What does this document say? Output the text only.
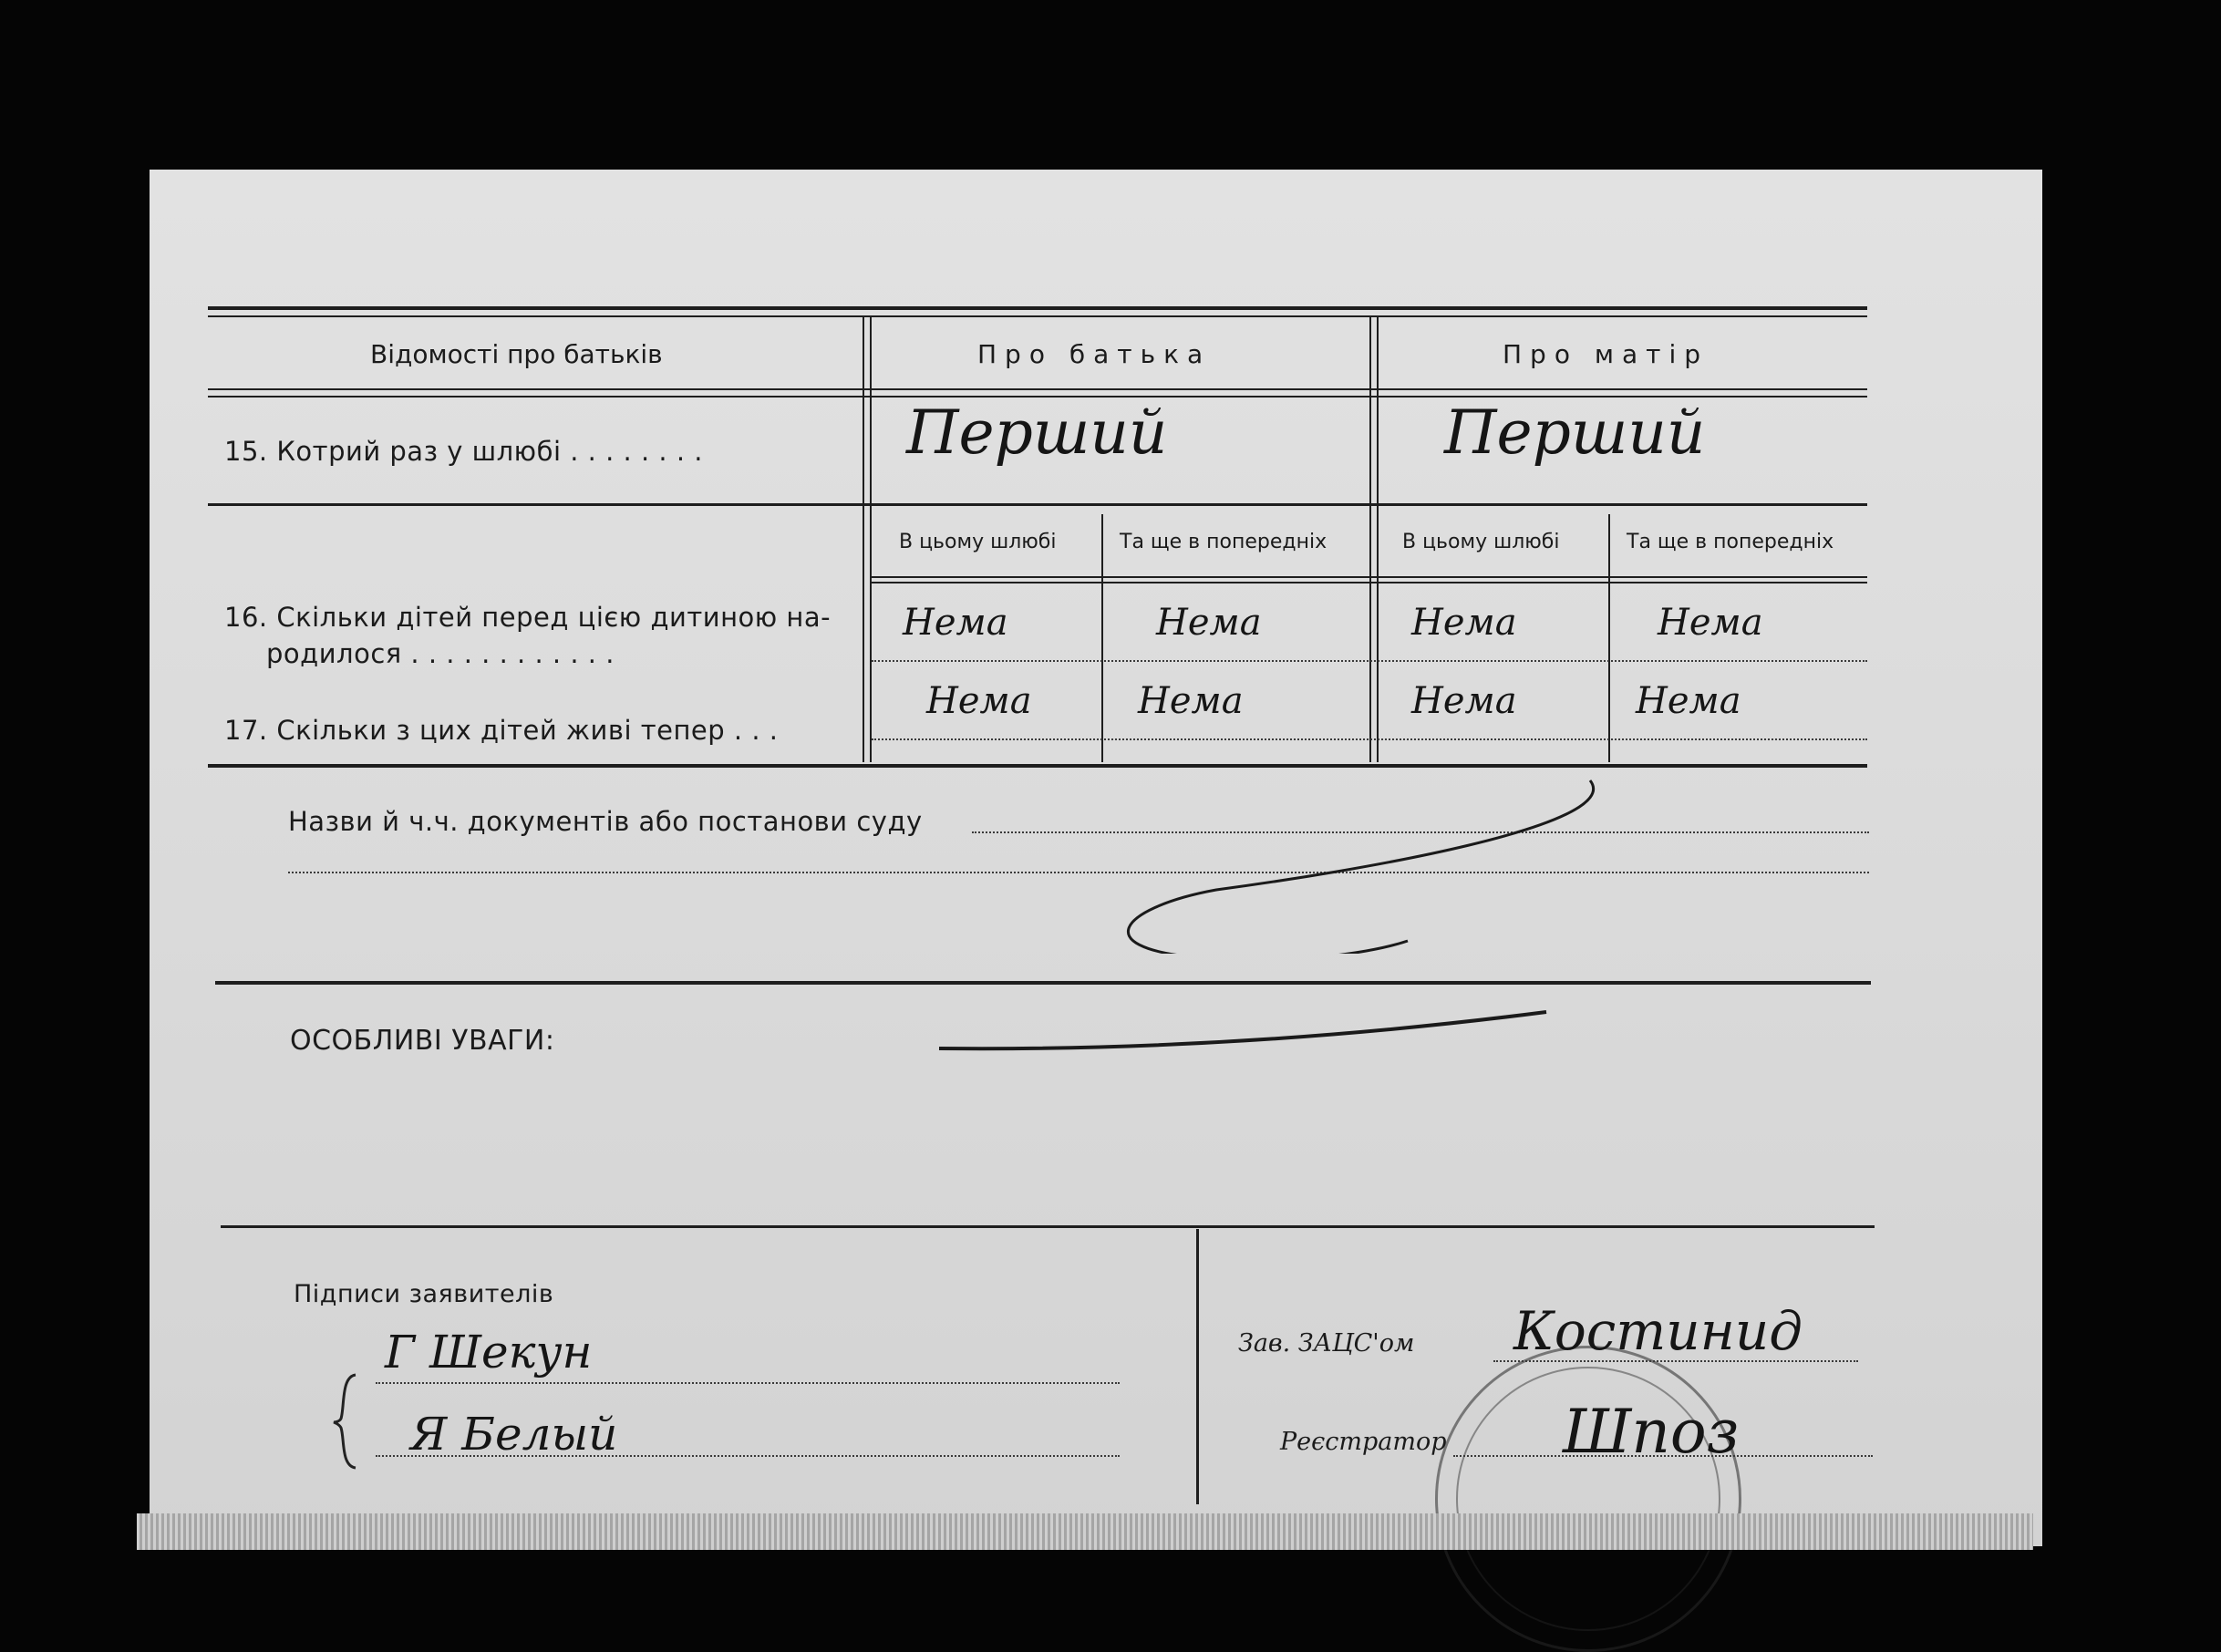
Відомості про батьків	Про батька	Про матір
15. Котрий раз у шлюбі . . . . . . . .	Перший	Перший
В цьому шлюбі	Та ще в попередніх	В цьому шлюбі	Та ще в попередніх
16. Скільки дітей перед цією дитиною на-
родилося . . . . . . . . . . . .
Нема	Нема	Нема	Нема
17. Скільки з цих дітей живі тепер . . .
Нема	Нема	Нема	Нема
Назви й ч.ч. документів або постанови суду
ОСОБЛИВІ УВАГИ:
Підписи заявителів
Г Шекун
Я Белый
Зав. ЗАЦС'ом Костинид
Реєстратор Шпоз
